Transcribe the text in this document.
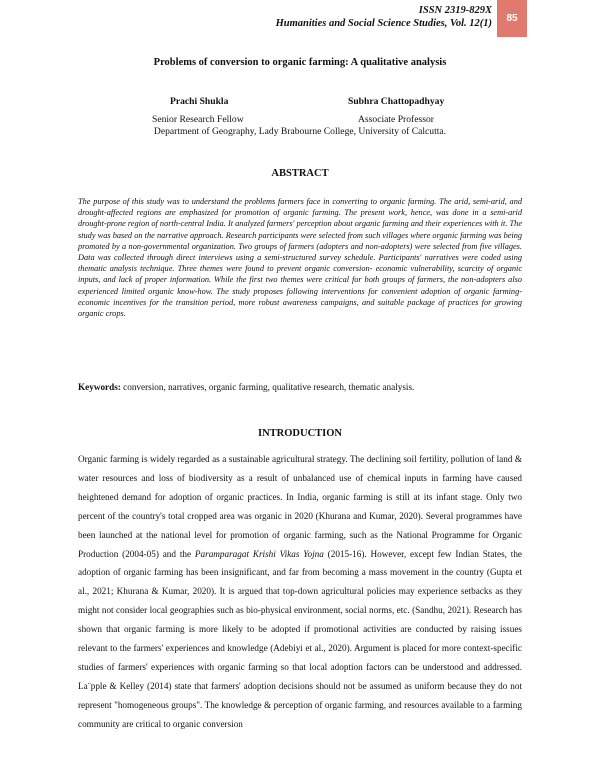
ISSN 2319-829X
Humanities and Social Science Studies, Vol. 12(1) 85
Problems of conversion to organic farming: A qualitative analysis
Prachi Shukla	Subhra Chattopadhyay
Senior Research Fellow	Associate Professor
Department of Geography, Lady Brabourne College, University of Calcutta.
ABSTRACT
The purpose of this study was to understand the problems farmers face in converting to organic farming. The arid, semi-arid, and drought-affected regions are emphasized for promotion of organic farming. The present work, hence, was done in a semi-arid drought-prone region of north-central India. It analyzed farmers' perception about organic farming and their experiences with it. The study was based on the narrative approach. Research participants were selected from such villages where organic farming was being promoted by a non-governmental organization. Two groups of farmers (adopters and non-adopters) were selected from five villages. Data was collected through direct interviews using a semi-structured survey schedule. Participants' narratives were coded using thematic analysis technique. Three themes were found to prevent organic conversion- economic vulnerability, scarcity of organic inputs, and lack of proper information. While the first two themes were critical for both groups of farmers, the non-adopters also experienced limited organic know-how. The study proposes following interventions for convenient adoption of organic farming- economic incentives for the transition period, more robust awareness campaigns, and suitable package of practices for growing organic crops.
Keywords: conversion, narratives, organic farming, qualitative research, thematic analysis.
INTRODUCTION
Organic farming is widely regarded as a sustainable agricultural strategy. The declining soil fertility, pollution of land & water resources and loss of biodiversity as a result of unbalanced use of chemical inputs in farming have caused heightened demand for adoption of organic practices. In India, organic farming is still at its infant stage. Only two percent of the country's total cropped area was organic in 2020 (Khurana and Kumar, 2020). Several programmes have been launched at the national level for promotion of organic farming, such as the National Programme for Organic Production (2004-05) and the Paramparagat Krishi Vikas Yojna (2015-16). However, except few Indian States, the adoption of organic farming has been insignificant, and far from becoming a mass movement in the country (Gupta et al., 2021; Khurana & Kumar, 2020). It is argued that top-down agricultural policies may experience setbacks as they might not consider local geographies such as bio-physical environment, social norms, etc. (Sandhu, 2021). Research has shown that organic farming is more likely to be adopted if promotional activities are conducted by raising issues relevant to the farmers' experiences and knowledge (Adebiyi et al., 2020). Argument is placed for more context-specific studies of farmers' experiences with organic farming so that local adoption factors can be understood and addressed. La¨pple & Kelley (2014) state that farmers' adoption decisions should not be assumed as uniform because they do not represent "homogeneous groups". The knowledge & perception of organic farming, and resources available to a farming community are critical to organic conversion
